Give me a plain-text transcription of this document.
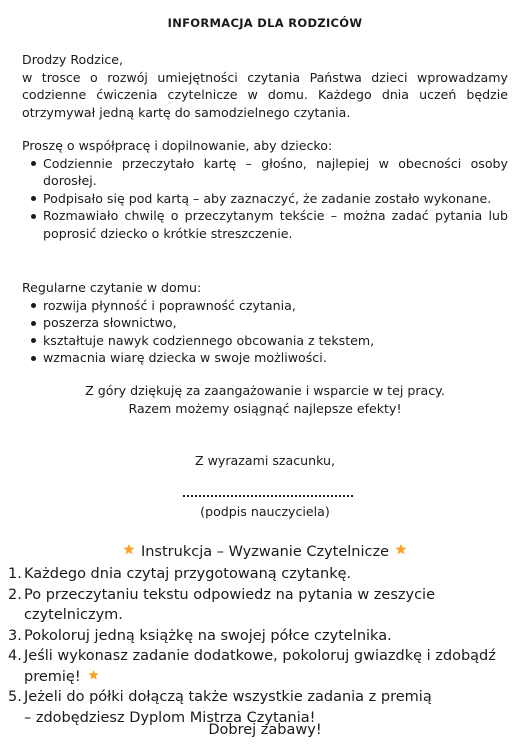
INFORMACJA DLA RODZICÓW
Drodzy Rodzice,
w trosce o rozwój umiejętności czytania Państwa dzieci wprowadzamy codzienne ćwiczenia czytelnicze w domu. Każdego dnia uczeń będzie otrzymywał jedną kartę do samodzielnego czytania.
Proszę o współpracę i dopilnowanie, aby dziecko:
Codziennie przeczytało kartę – głośno, najlepiej w obecności osoby dorosłej.
Podpisało się pod kartą – aby zaznaczyć, że zadanie zostało wykonane.
Rozmawiało chwilę o przeczytanym tekście – można zadać pytania lub poprosić dziecko o krótkie streszczenie.
Regularne czytanie w domu:
rozwija płynność i poprawność czytania,
poszerza słownictwo,
kształtuje nawyk codziennego obcowania z tekstem,
wzmacnia wiarę dziecka w swoje możliwości.
Z góry dziękuję za zaangażowanie i wsparcie w tej pracy.
Razem możemy osiągnąć najlepsze efekty!
Z wyrazami szacunku,
(podpis nauczyciela)
Instrukcja – Wyzwanie Czytelnicze
1. Każdego dnia czytaj przygotowaną czytankę.
2. Po przeczytaniu tekstu odpowiedz na pytania w zeszycie czytelniczym.
3. Pokoloruj jedną książkę na swojej półce czytelnika.
4. Jeśli wykonasz zadanie dodatkowe, pokoloruj gwiazdkę i zdobądź premię!
5. Jeżeli do półki dołączą także wszystkie zadania z premią
– zdobędziesz Dyplom Mistrza Czytania!
Dobrej zabawy!
